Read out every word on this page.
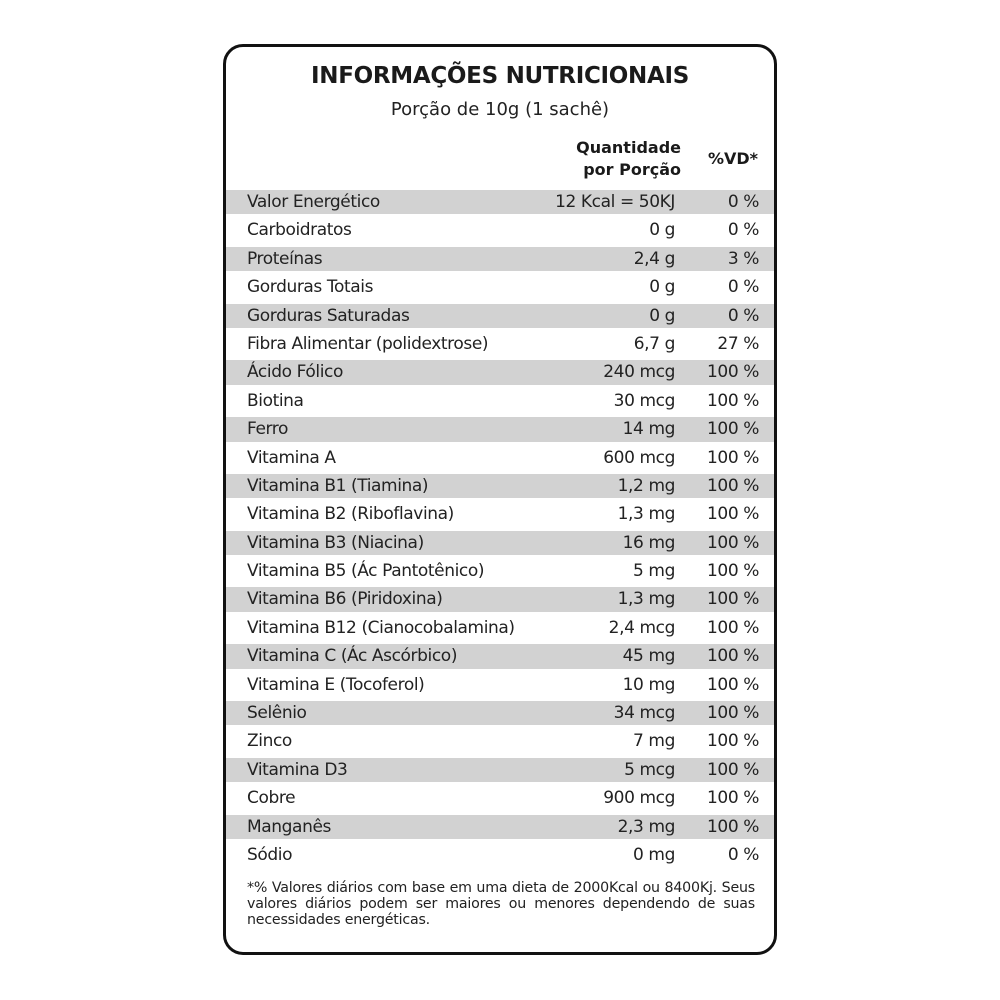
INFORMAÇÕES NUTRICIONAIS
Porção de 10g (1 sachê)
Quantidade
por Porção
%VD*
Valor Energético	12 Kcal = 50KJ	0 %
Carboidratos	0 g	0 %
Proteínas	2,4 g	3 %
Gorduras Totais	0 g	0 %
Gorduras Saturadas	0 g	0 %
Fibra Alimentar (polidextrose)	6,7 g 27 %
Ácido Fólico	240 mcg 100 %
Biotina	30 mcg 100 %
Ferro	14 mg 100 %
Vitamina A	600 mcg 100 %
Vitamina B1 (Tiamina)	1,2 mg 100 %
Vitamina B2 (Riboflavina)	1,3 mg 100 %
Vitamina B3 (Niacina)	16 mg 100 %
Vitamina B5 (Ác Pantotênico)	5 mg 100 %
Vitamina B6 (Piridoxina)	1,3 mg 100 %
Vitamina B12 (Cianocobalamina)	2,4 mcg 100 %
Vitamina C (Ác Ascórbico)	45 mg 100 %
Vitamina E (Tocoferol)	10 mg 100 %
Selênio	34 mcg 100 %
Zinco	7 mg 100 %
Vitamina D3	5 mcg 100 %
Cobre	900 mcg 100 %
Manganês	2,3 mg 100 %
Sódio	0 mg	0 %
*% Valores diários com base em uma dieta de 2000Kcal ou 8400Kj. Seus valores diários podem ser maiores ou menores dependendo de suas necessidades energéticas.
